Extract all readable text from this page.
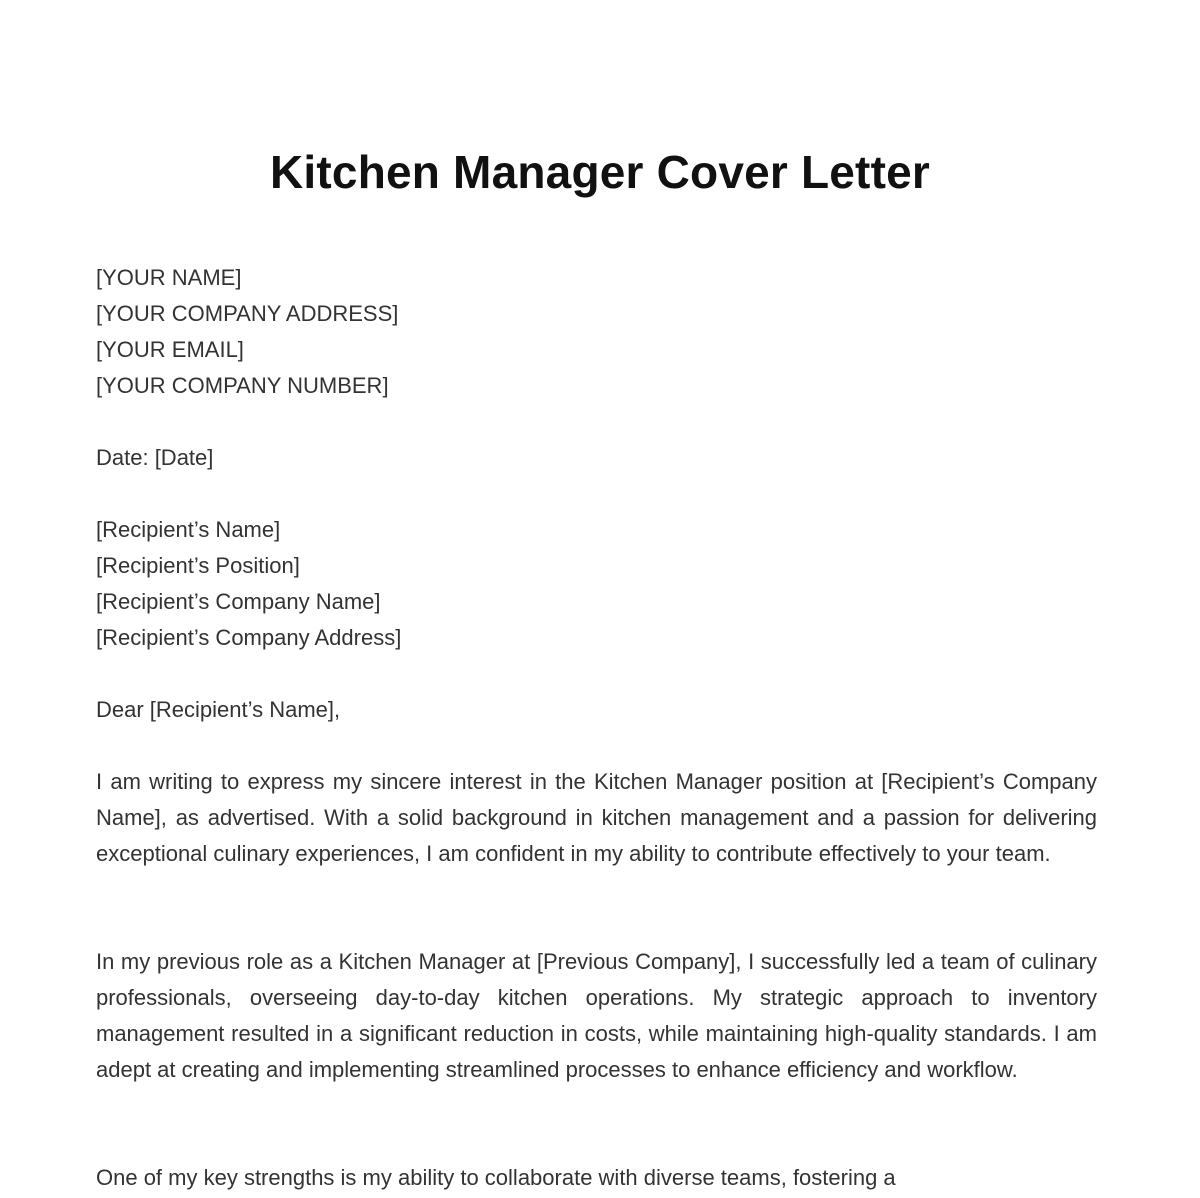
Kitchen Manager Cover Letter
[YOUR NAME]
[YOUR COMPANY ADDRESS]
[YOUR EMAIL]
[YOUR COMPANY NUMBER]
Date: [Date]
[Recipient’s Name]
[Recipient’s Position]
[Recipient’s Company Name]
[Recipient’s Company Address]
Dear [Recipient’s Name],

I am writing to express my sincere interest in the Kitchen Manager position at [Recipient’s Company Name], as advertised. With a solid background in kitchen management and a passion for delivering exceptional culinary experiences, I am confident in my ability to contribute effectively to your team.

In my previous role as a Kitchen Manager at [Previous Company], I successfully led a team of culinary professionals, overseeing day-to-day kitchen operations. My strategic approach to inventory management resulted in a significant reduction in costs, while maintaining high-quality standards. I am adept at creating and implementing streamlined processes to enhance efficiency and workflow.

One of my key strengths is my ability to collaborate with diverse teams, fostering a
